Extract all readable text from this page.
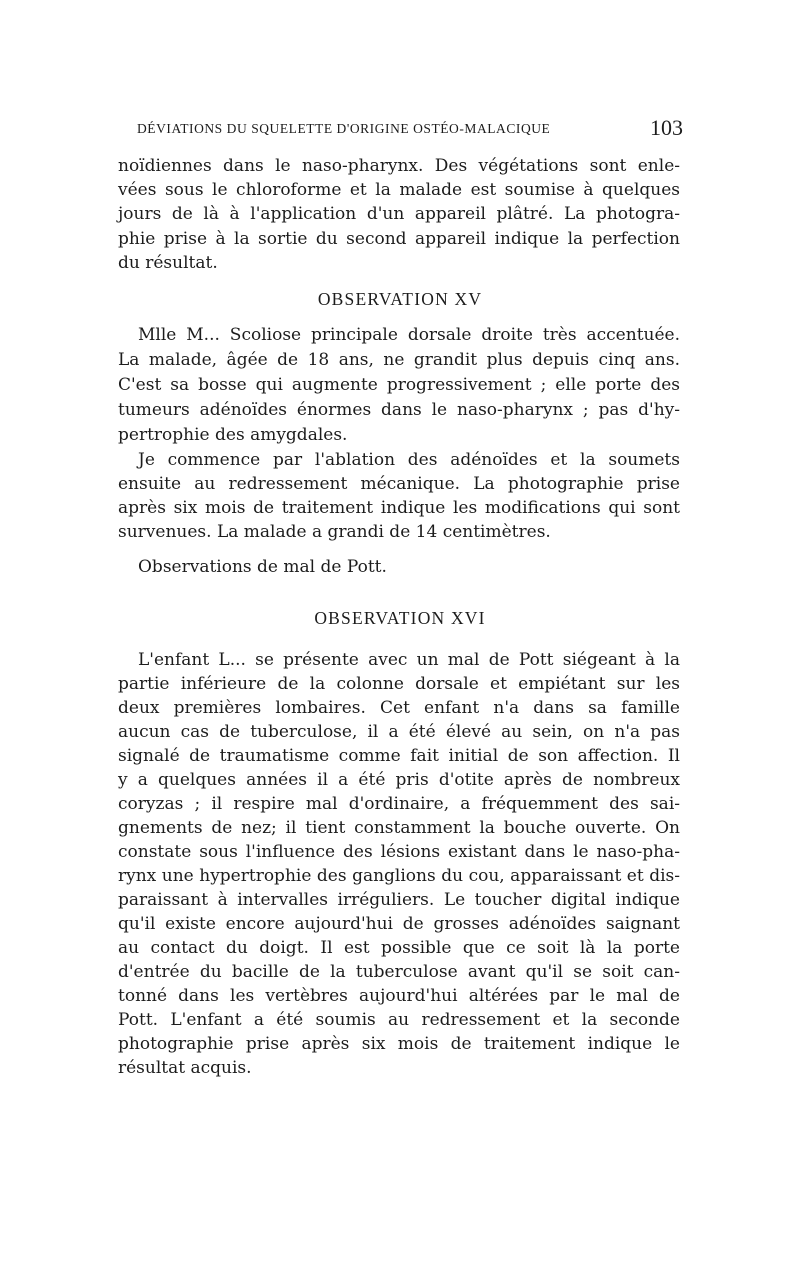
DÉVIATIONS DU SQUELETTE D'ORIGINE OSTÉO-MALACIQUE	103
noïdiennes dans le naso-pharynx. Des végétations sont enle-
vées sous le chloroforme et la malade est soumise à quelques
jours de là à l'application d'un appareil plâtré. La photogra-
phie prise à la sortie du second appareil indique la perfection
du résultat.
OBSERVATION XV
Mlle M... Scoliose principale dorsale droite très accentuée.
La malade, âgée de 18 ans, ne grandit plus depuis cinq ans.
C'est sa bosse qui augmente progressivement ; elle porte des
tumeurs adénoïdes énormes dans le naso-pharynx ; pas d'hy-
pertrophie des amygdales.
Je commence par l'ablation des adénoïdes et la soumets
ensuite au redressement mécanique. La photographie prise
après six mois de traitement indique les modifications qui sont
survenues. La malade a grandi de 14 centimètres.
Observations de mal de Pott.
OBSERVATION XVI
L'enfant L... se présente avec un mal de Pott siégeant à la
partie inférieure de la colonne dorsale et empiétant sur les
deux premières lombaires. Cet enfant n'a dans sa famille
aucun cas de tuberculose, il a été élevé au sein, on n'a pas
signalé de traumatisme comme fait initial de son affection. Il
y a quelques années il a été pris d'otite après de nombreux
coryzas ; il respire mal d'ordinaire, a fréquemment des sai-
gnements de nez; il tient constamment la bouche ouverte. On
constate sous l'influence des lésions existant dans le naso-pha-
rynx une hypertrophie des ganglions du cou, apparaissant et dis-
paraissant à intervalles irréguliers. Le toucher digital indique
qu'il existe encore aujourd'hui de grosses adénoïdes saignant
au contact du doigt. Il est possible que ce soit là la porte
d'entrée du bacille de la tuberculose avant qu'il se soit can-
tonné dans les vertèbres aujourd'hui altérées par le mal de
Pott. L'enfant a été soumis au redressement et la seconde
photographie prise après six mois de traitement indique le
résultat acquis.
